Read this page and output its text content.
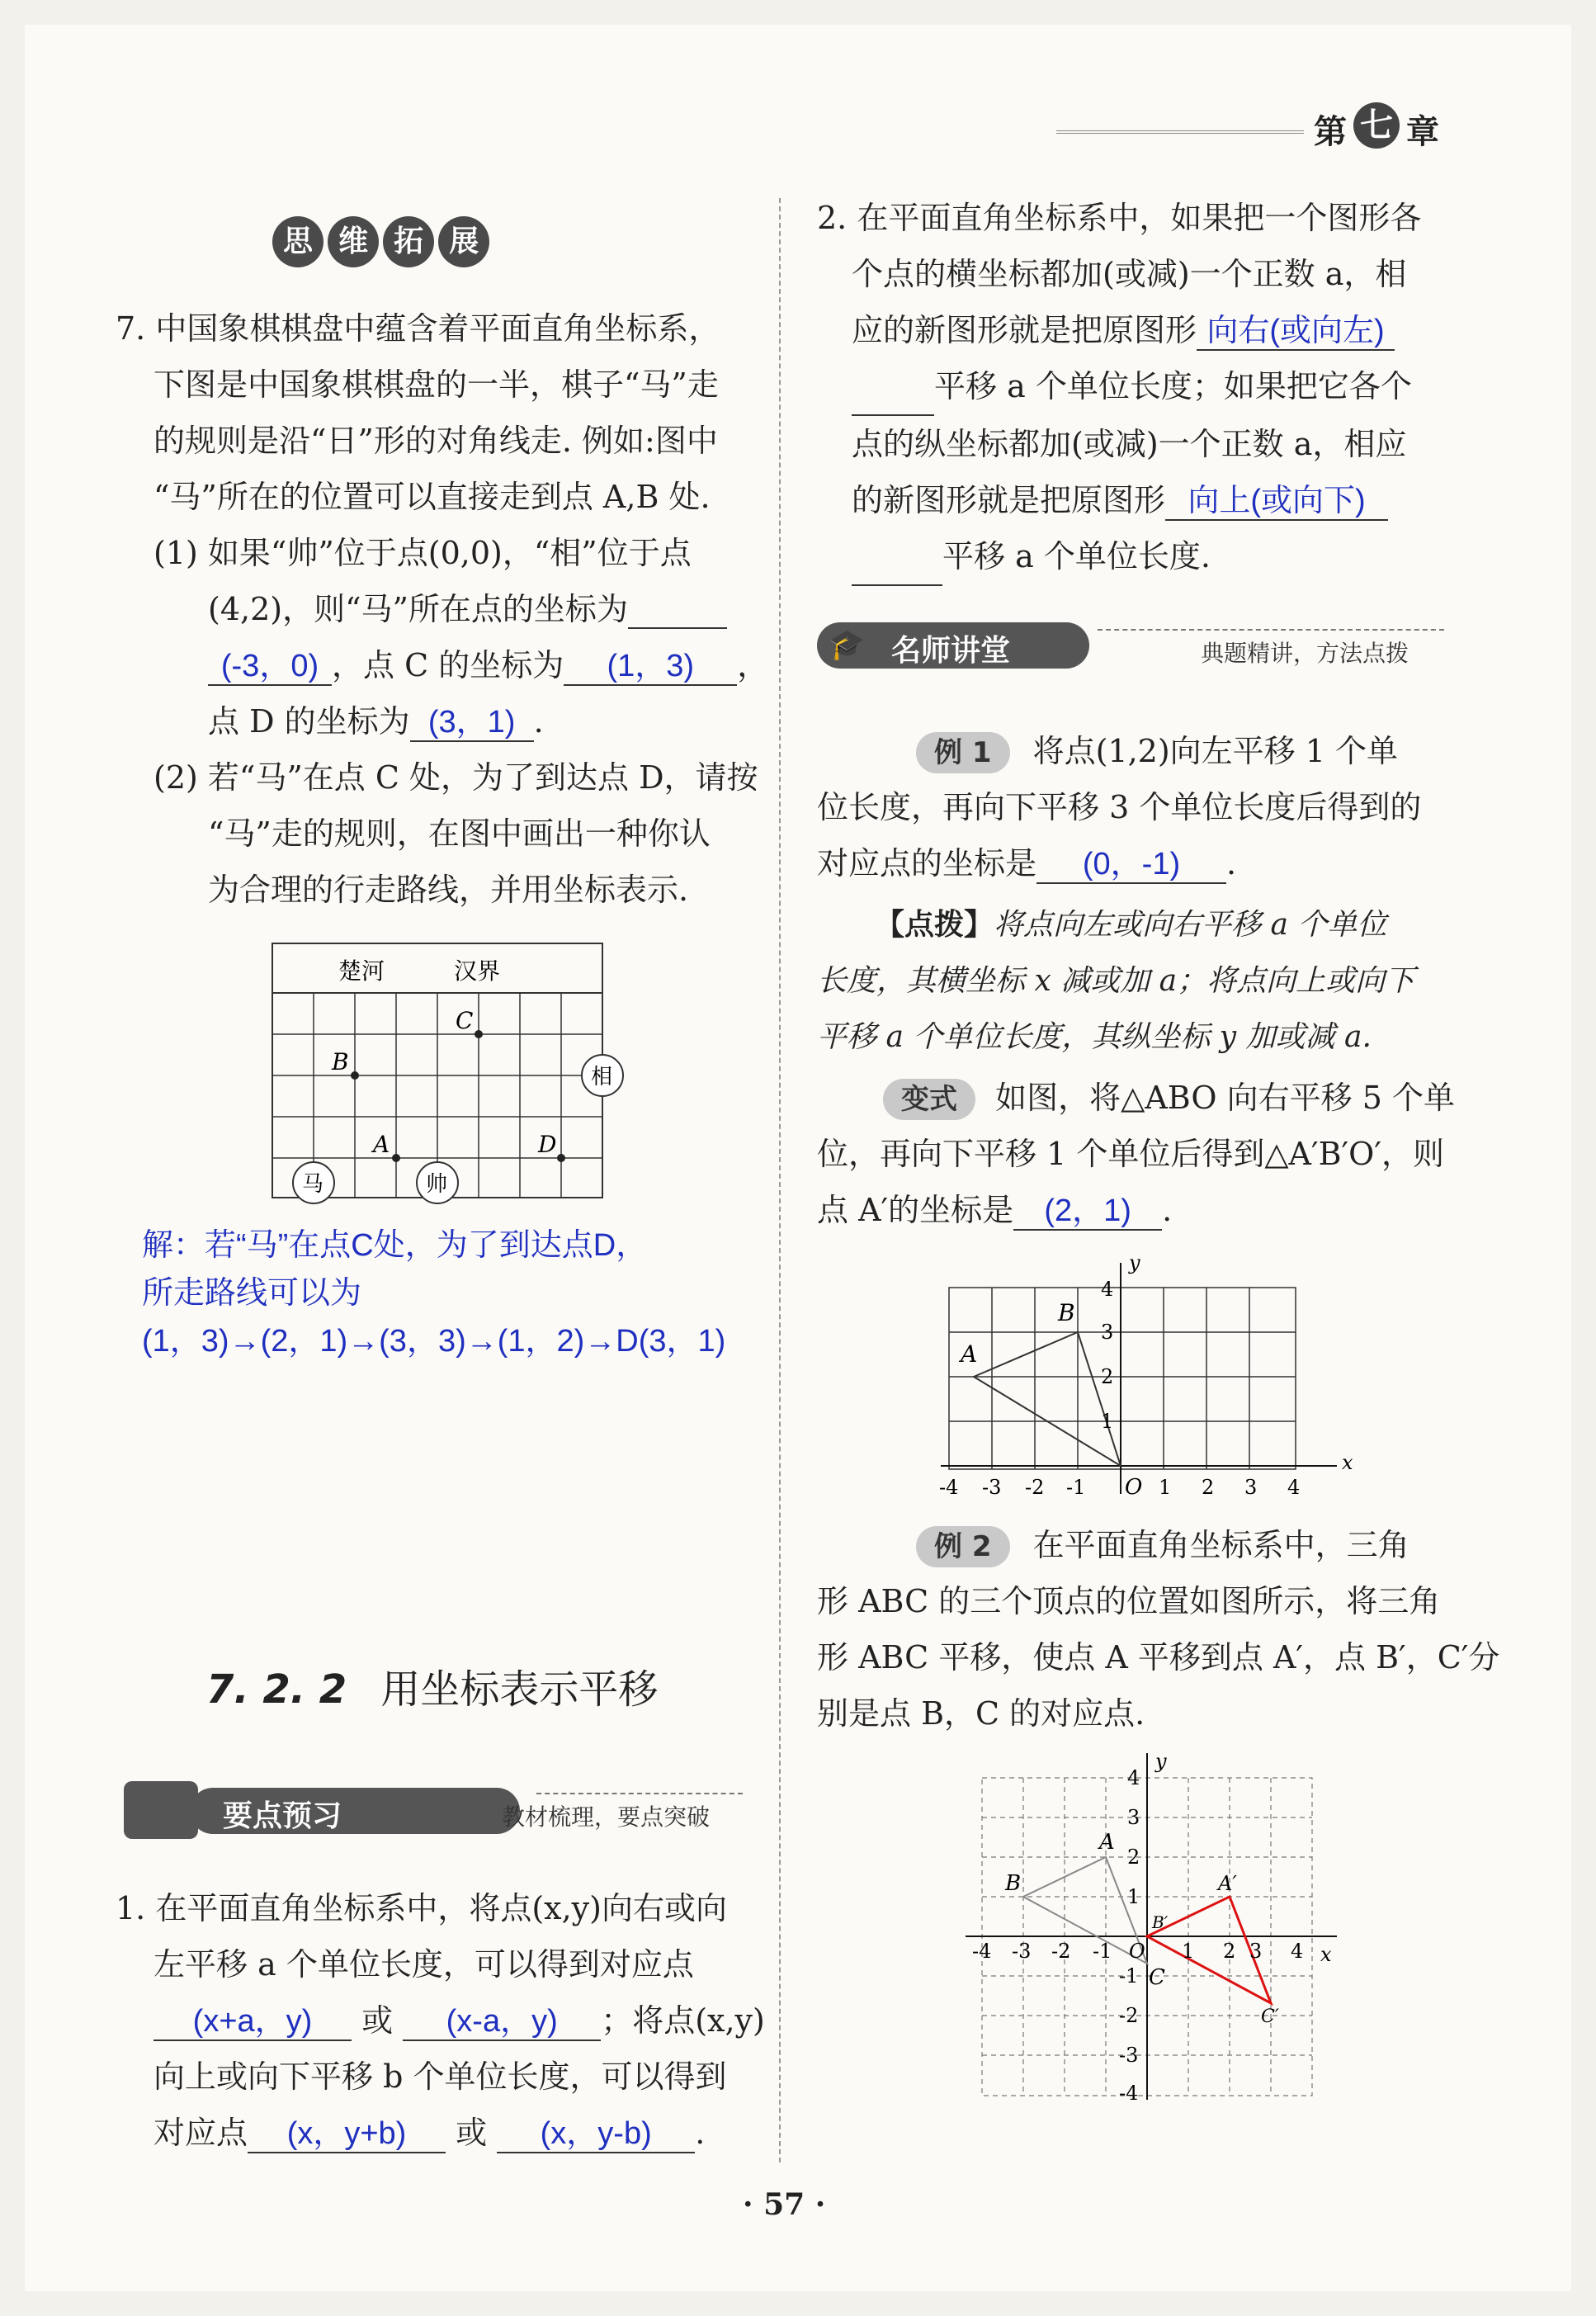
第 七 章
思 维 拓 展
7. 中国象棋棋盘中蕴含着平面直角坐标系，
下图是中国象棋棋盘的一半，棋子“马”走
的规则是沿“日”形的对角线走. 例如:图中
“马”所在的位置可以直接走到点 A,B 处.
(1) 如果“帅”位于点(0,0)，“相”位于点
(4,2)，则“马”所在点的坐标为
(-3，0) ，点 C 的坐标为 (1，3) ，
点 D 的坐标为 (3，1) .
(2) 若“马”在点 C 处，为了到达点 D，请按
“马”走的规则，在图中画出一种你认
为合理的行走路线，并用坐标表示.
楚河	汉界
C
B
A	D
马	帅
相
解：若“马”在点C处，为了到达点D，
所走路线可以为
(1，3)→(2，1)→(3，3)→(1，2)→D(3，1)
7. 2. 2 用坐标表示平移
要点预习	教材梳理，要点突破
1. 在平面直角坐标系中，将点(x,y)向右或向
左平移 a 个单位长度，可以得到对应点
(x+a，y) 或 (x-a，y) ；将点(x,y)
向上或向下平移 b 个单位长度，可以得到
对应点 (x，y+b) 或 (x，y-b) .
2. 在平面直角坐标系中，如果把一个图形各
个点的横坐标都加(或减)一个正数 a，相
应的新图形就是把原图形 向右(或向左)
平移 a 个单位长度；如果把它各个
点的纵坐标都加(或减)一个正数 a，相应
的新图形就是把原图形 向上(或向下)
平移 a 个单位长度.
🎓 名师讲堂	典题精讲，方法点拨
例 1 将点(1,2)向左平移 1 个单
位长度，再向下平移 3 个单位长度后得到的
对应点的坐标是 (0，-1) .
【点拨】将点向左或向右平移 a 个单位
长度，其横坐标 x 减或加 a；将点向上或向下
平移 a 个单位长度，其纵坐标 y 加或减 a.
变式 如图，将△ABO 向右平移 5 个单
位，再向下平移 1 个单位后得到△A′B′O′，则
点 A′的坐标是 (2，1) .
A
B
x
y
O
-4 -3 -2 -1	1 2 3 4
1
2
3
4
例 2 在平面直角坐标系中，三角
形 ABC 的三个顶点的位置如图所示，将三角
形 ABC 平移，使点 A 平移到点 A′，点 B′，C′分
别是点 B，C 的对应点.
A
B
C
A′
B′
C′
x
y
O
-4 -3 -2 -1	1 2 3 4
4
3
2
1
-1
-2
-3
-4
· 57 ·
